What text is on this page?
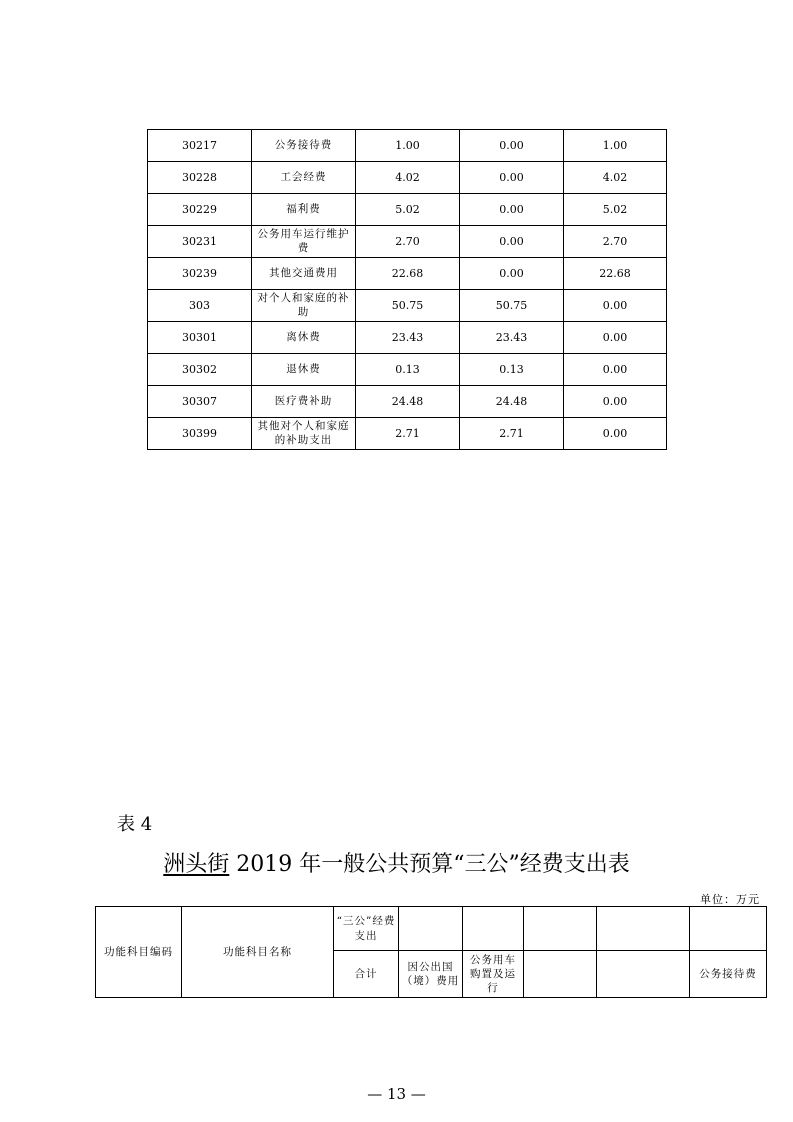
30217	公务接待费	1.00	0.00	1.00
30228	工会经费	4.02	0.00	4.02
30229	福利费	5.02	0.00	5.02
30231	公务用车运行维护费	2.70	0.00	2.70
30239	其他交通费用	22.68	0.00	22.68
303	对个人和家庭的补助	50.75	50.75	0.00
30301	离休费	23.43	23.43	0.00
30302	退休费	0.13	0.13	0.00
30307	医疗费补助	24.48	24.48	0.00
30399	其他对个人和家庭的补助支出	2.71	2.71	0.00
表 4
洲头街 2019 年一般公共预算“三公”经费支出表
单位：万元
功能科目编码	功能科目名称	“三公”经费支出					
		合计	因公出国（境）费用	公务用车购置及运行			公务接待费
— 13 —
